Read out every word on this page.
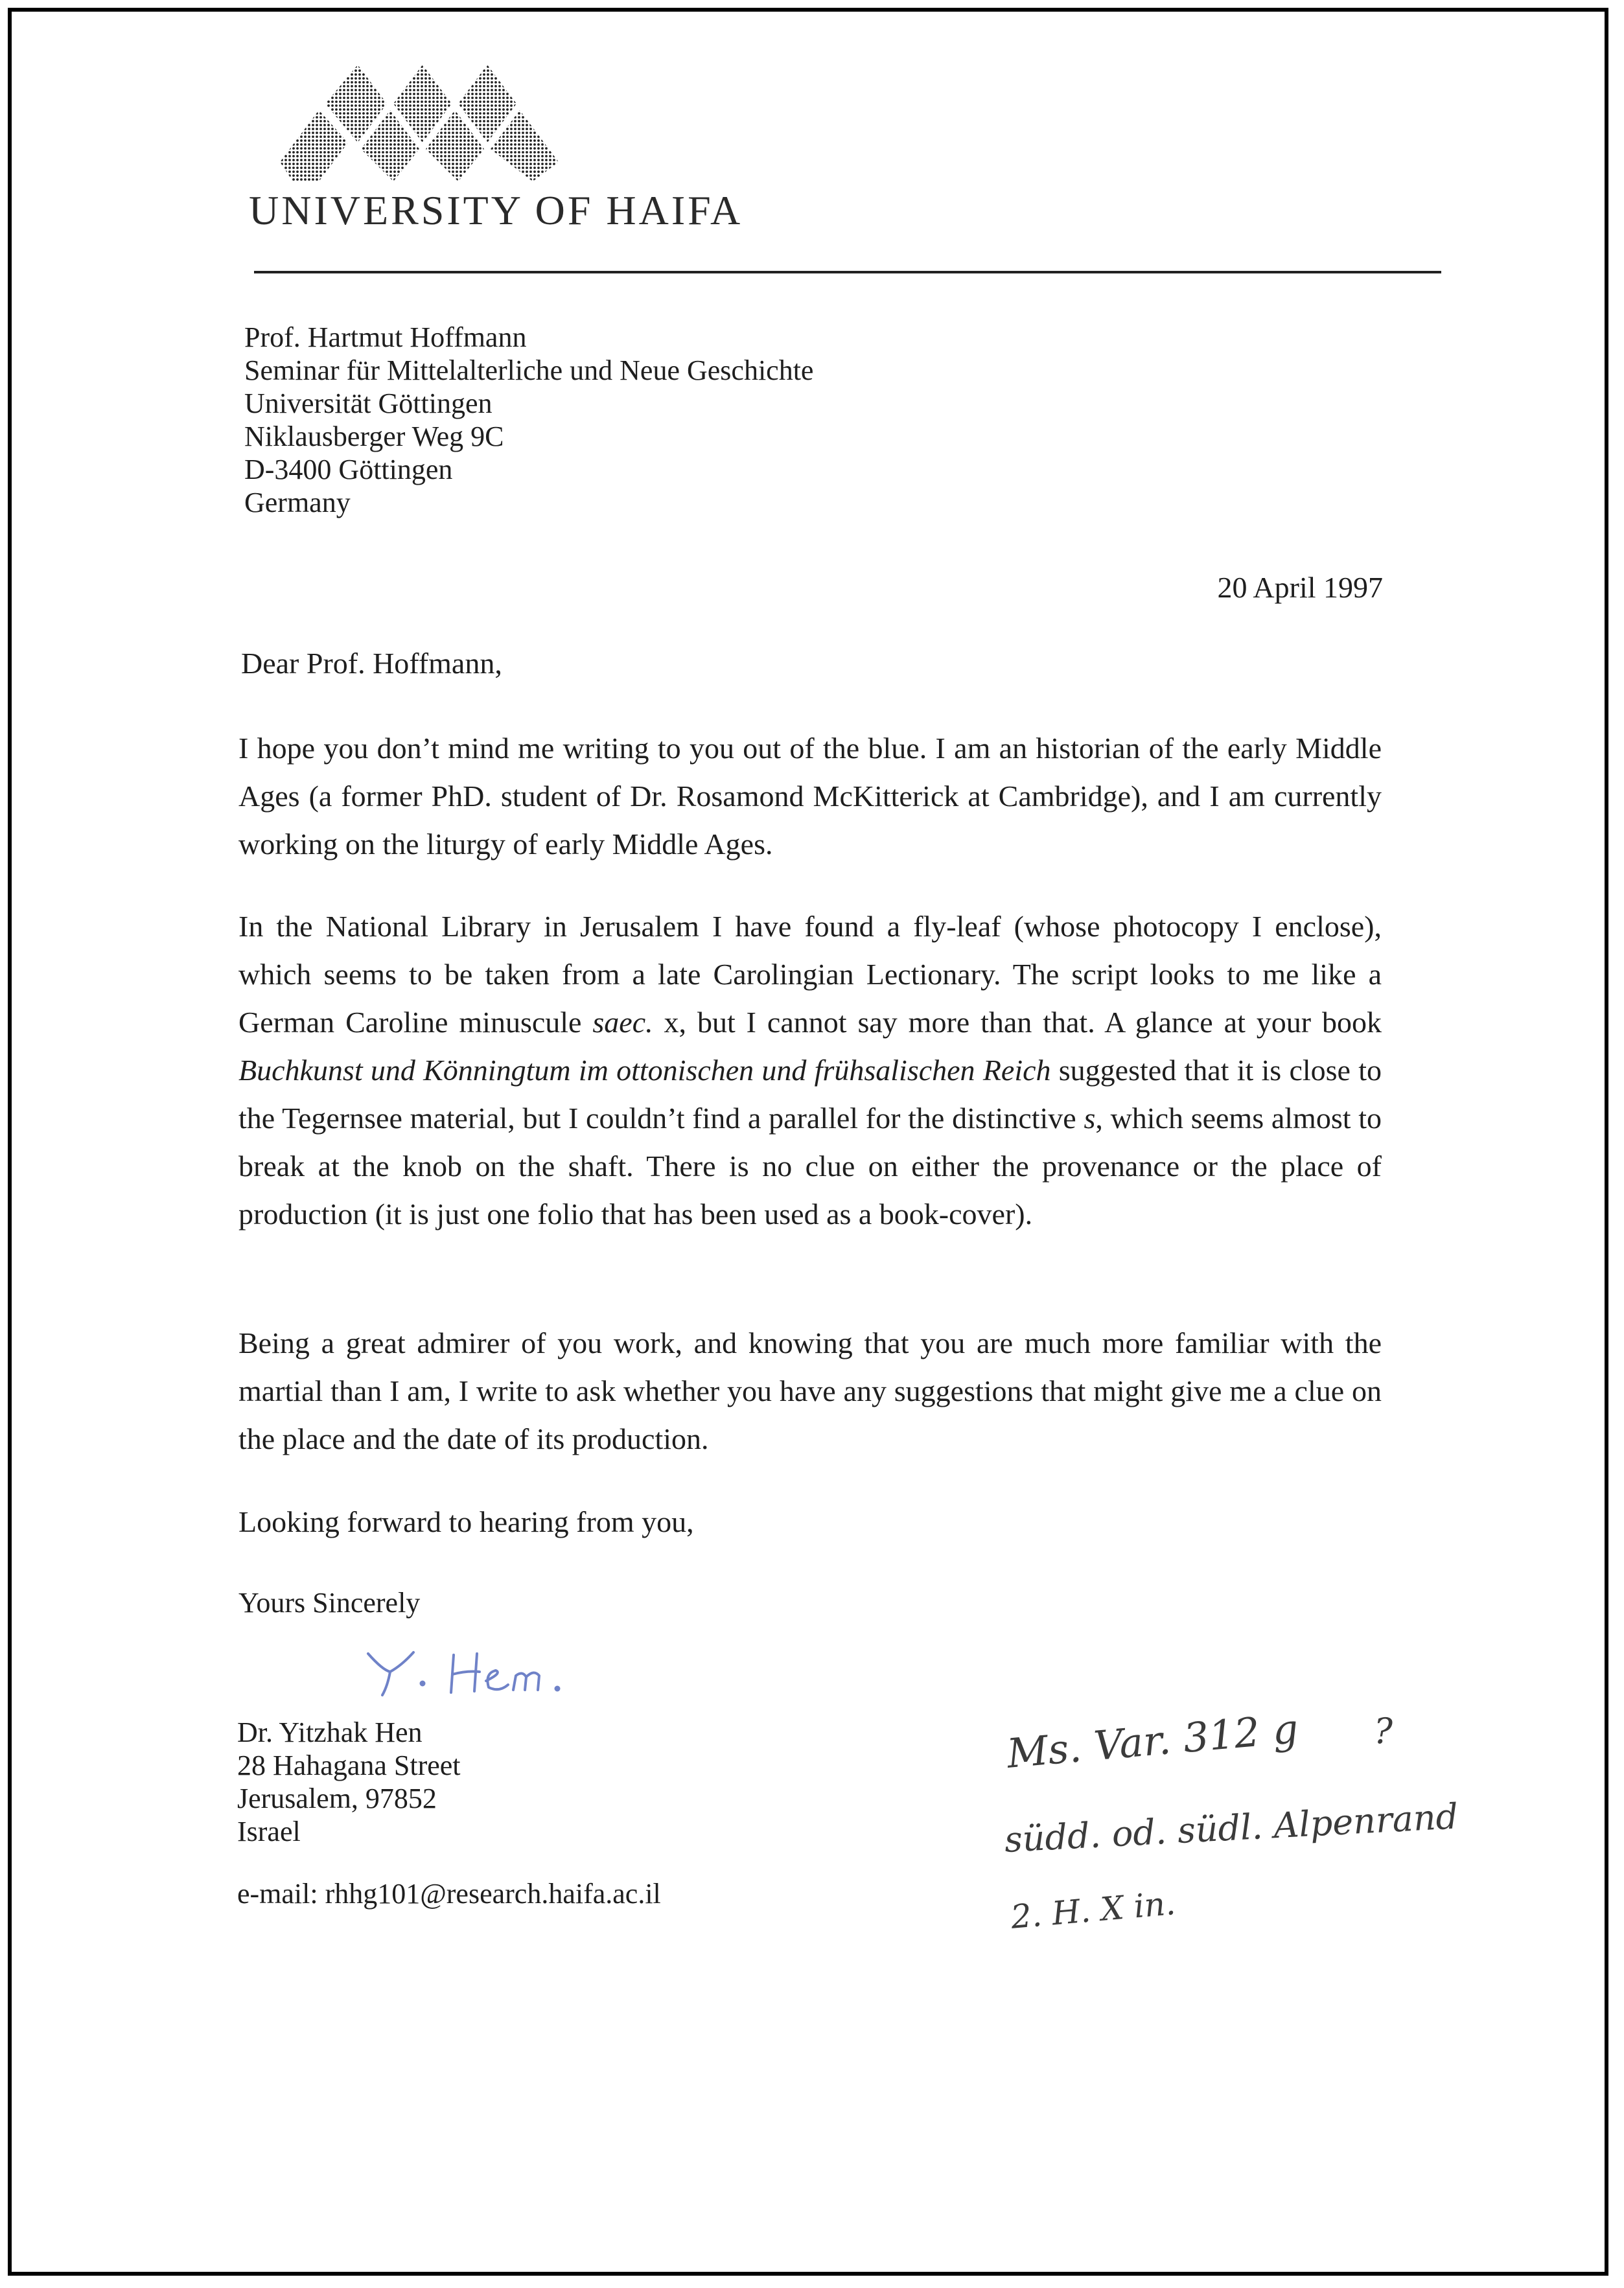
UNIVERSITY OF HAIFA
Prof. Hartmut Hoffmann
Seminar für Mittelalterliche und Neue Geschichte
Universität Göttingen
Niklausberger Weg 9C
D-3400 Göttingen
Germany
20 April 1997
Dear Prof. Hoffmann,

I hope you don’t mind me writing to you out of the blue. I am an historian of the early Middle Ages (a former PhD. student of Dr. Rosamond McKitterick at Cambridge), and I am currently working on the liturgy of early Middle Ages.

In the National Library in Jerusalem I have found a fly-leaf (whose photocopy I enclose), which seems to be taken from a late Carolingian Lectionary. The script looks to me like a German Caroline minuscule saec. x, but I cannot say more than that. A glance at your book Buchkunst und Könningtum im ottonischen und frühsalischen Reich suggested that it is close to the Tegernsee material, but I couldn’t find a parallel for the distinctive s, which seems almost to break at the knob on the shaft. There is no clue on either the provenance or the place of production (it is just one folio that has been used as a book-cover).

Being a great admirer of you work, and knowing that you are much more familiar with the martial than I am, I write to ask whether you have any suggestions that might give me a clue on the place and the date of its production.

Looking forward to hearing from you,
Yours Sincerely
Dr. Yitzhak Hen
28 Hahagana Street
Jerusalem, 97852
Israel
e-mail: rhhg101@research.haifa.ac.il
Ms. Var. 312 g ?
südd. od. südl. Alpenrand
2. H. X in.
